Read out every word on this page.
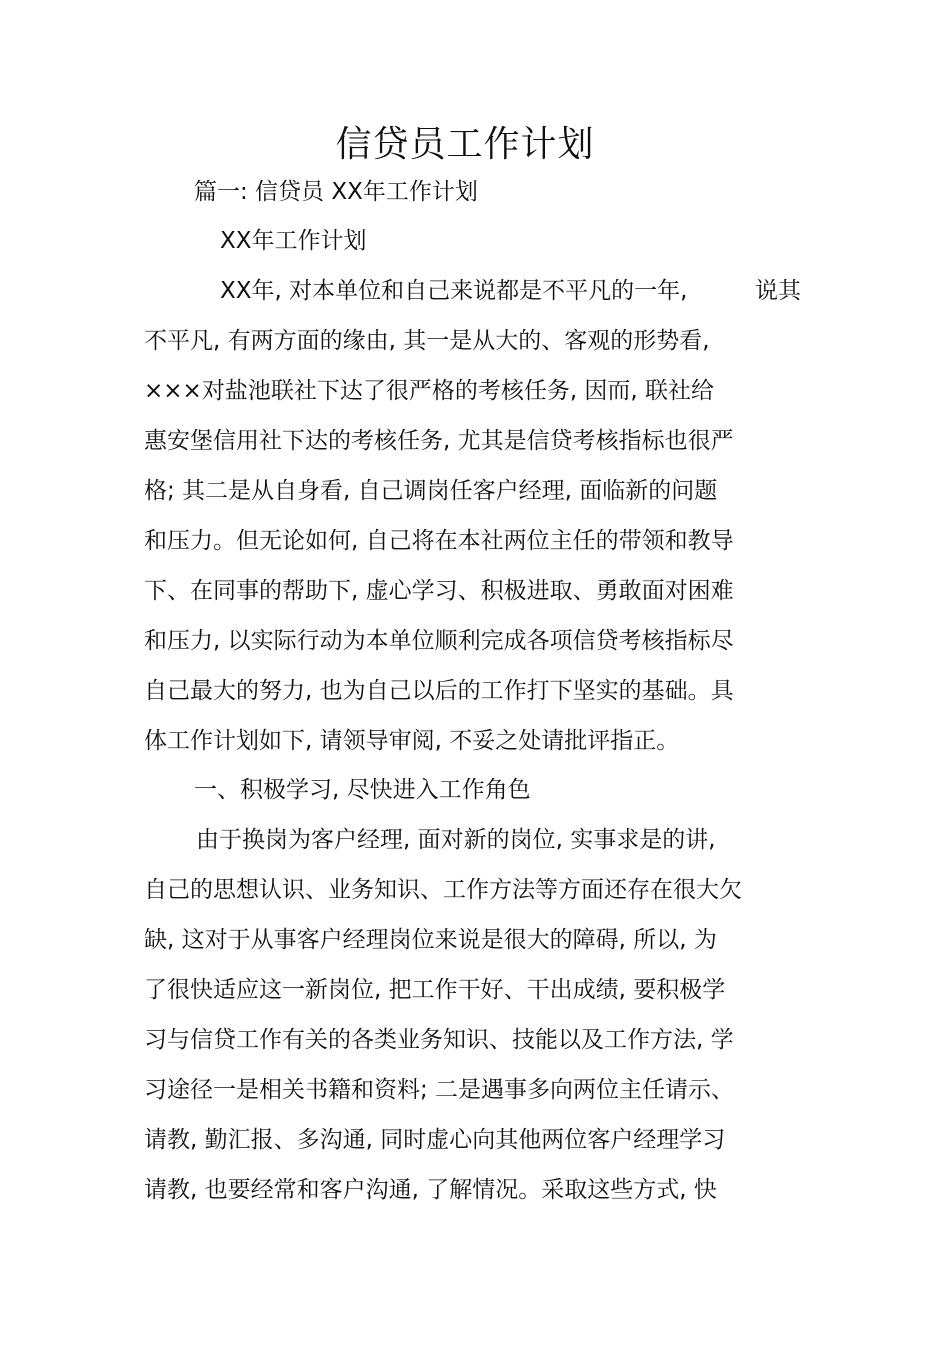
信贷员工作计划
篇一: 信贷员 XX年工作计划
XX年工作计划
XX年, 对本单位和自己来说都是不平凡的一年,	说其
不平凡, 有两方面的缘由, 其一是从大的、客观的形势看,
×××对盐池联社下达了很严格的考核任务, 因而, 联社给
惠安堡信用社下达的考核任务, 尤其是信贷考核指标也很严
格; 其二是从自身看, 自己调岗任客户经理, 面临新的问题
和压力。但无论如何, 自己将在本社两位主任的带领和教导
下、在同事的帮助下, 虚心学习、积极进取、勇敢面对困难
和压力, 以实际行动为本单位顺利完成各项信贷考核指标尽
自己最大的努力, 也为自己以后的工作打下坚实的基础。具
体工作计划如下, 请领导审阅, 不妥之处请批评指正。
一、积极学习, 尽快进入工作角色
由于换岗为客户经理, 面对新的岗位, 实事求是的讲,
自己的思想认识、业务知识、工作方法等方面还存在很大欠
缺, 这对于从事客户经理岗位来说是很大的障碍, 所以, 为
了很快适应这一新岗位, 把工作干好、干出成绩, 要积极学
习与信贷工作有关的各类业务知识、技能以及工作方法, 学
习途径一是相关书籍和资料; 二是遇事多向两位主任请示、
请教, 勤汇报、多沟通, 同时虚心向其他两位客户经理学习
请教, 也要经常和客户沟通, 了解情况。采取这些方式, 快
